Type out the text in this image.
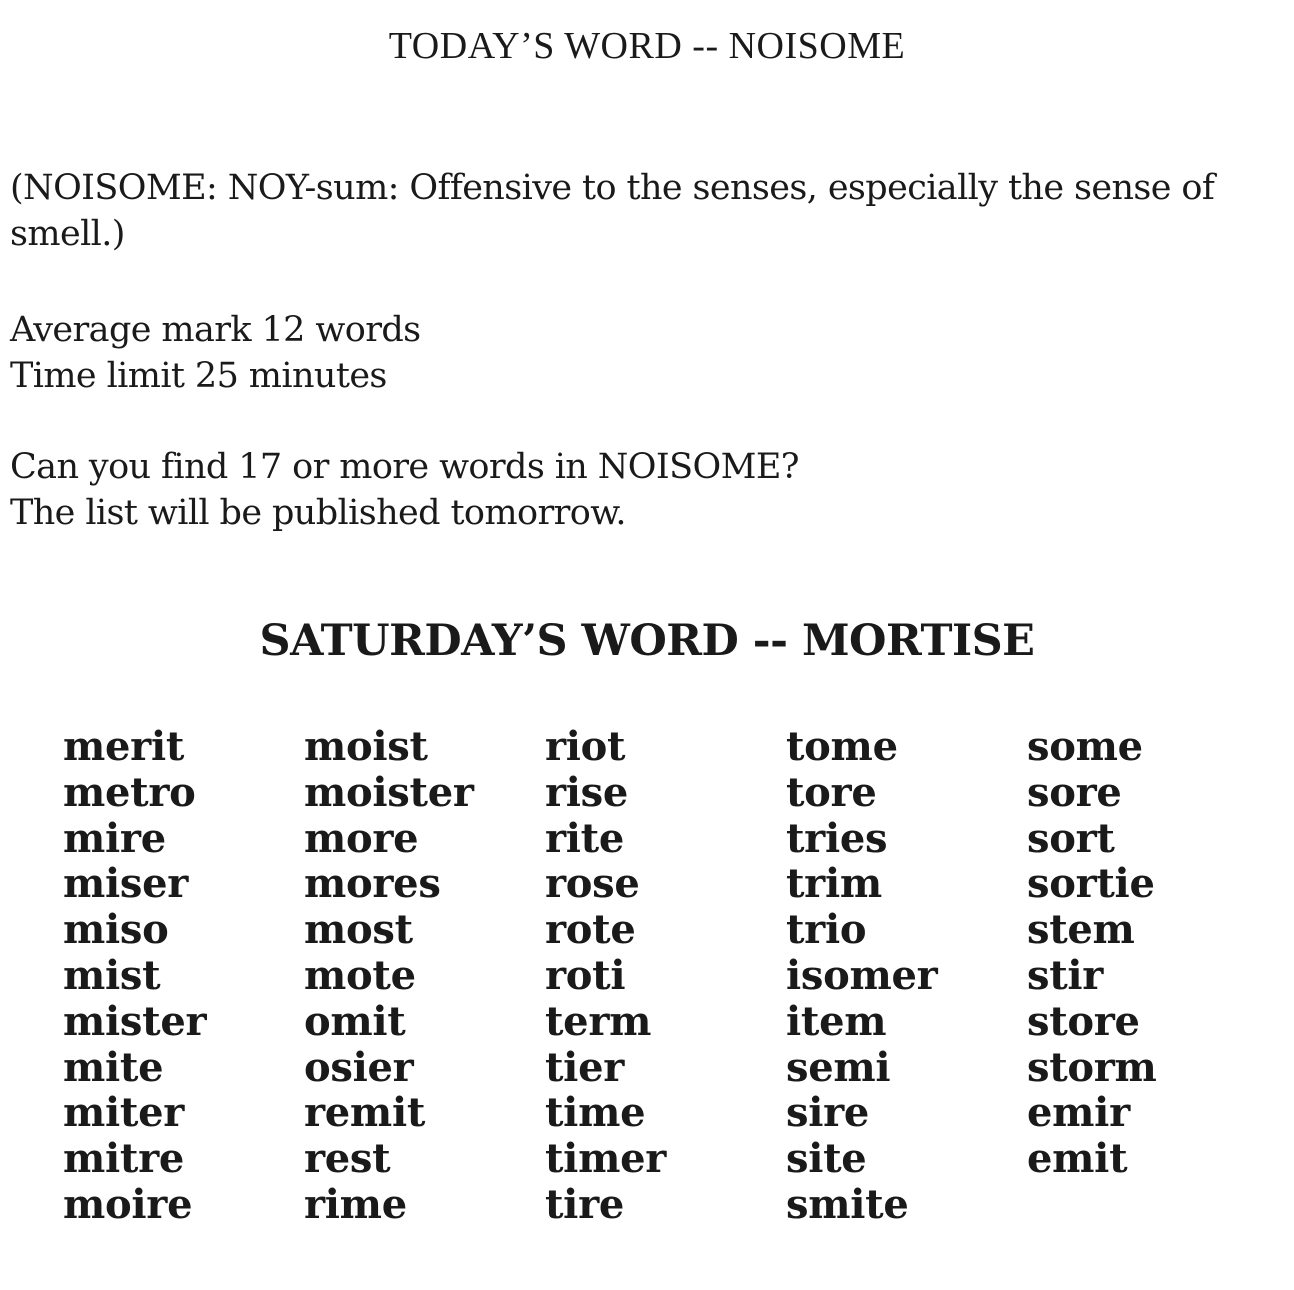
TODAY’S WORD -- NOISOME
(NOISOME: NOY-sum: Offensive to the senses, especially the sense of
smell.)
Average mark 12 words
Time limit 25 minutes
Can you find 17 or more words in NOISOME?
The list will be published tomorrow.
SATURDAY’S WORD -- MORTISE
merit
metro
mire
miser
miso
mist
mister
mite
miter
mitre
moire
moist
moister
more
mores
most
mote
omit
osier
remit
rest
rime
riot
rise
rite
rose
rote
roti
term
tier
time
timer
tire
tome
tore
tries
trim
trio
isomer
item
semi
sire
site
smite
some
sore
sort
sortie
stem
stir
store
storm
emir
emit
